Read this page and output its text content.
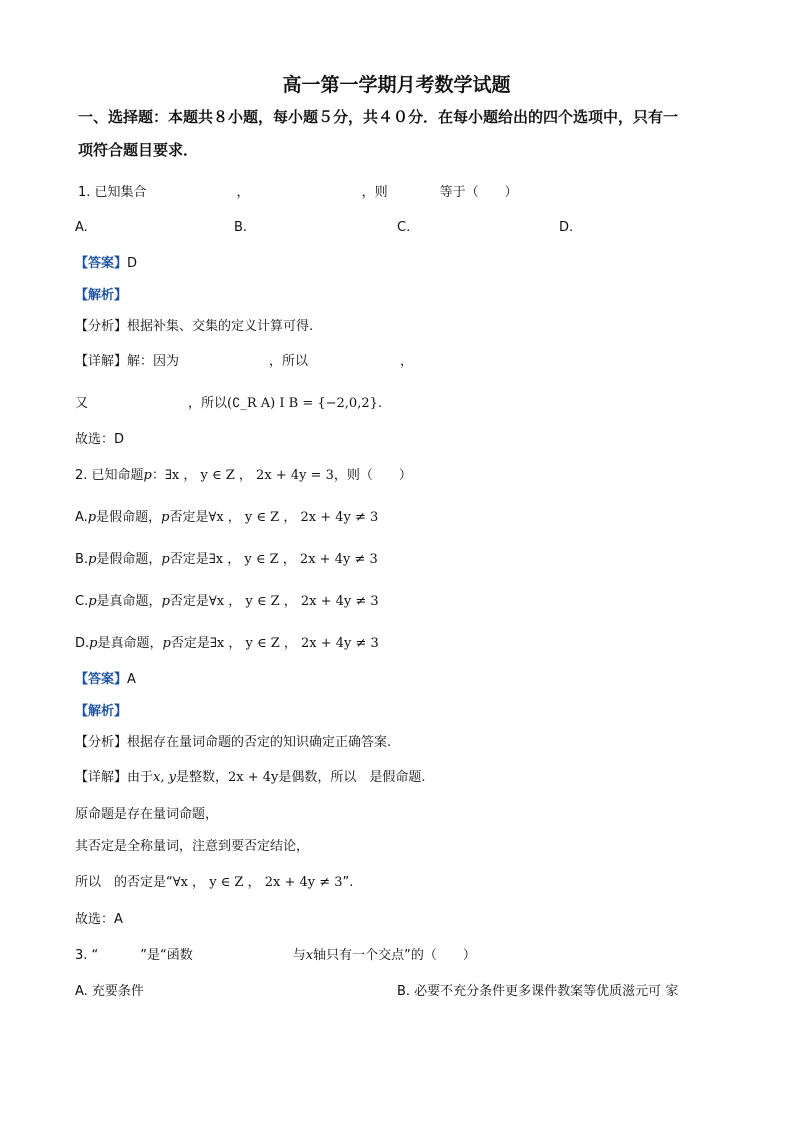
高一第一学期月考数学试题
一、选择题：本题共８小题，每小题５分，共４０分．在每小题给出的四个选项中，只有一
项符合题目要求．
1. 已知集合	，	，则	等于（　　）
A.	B.	C.	D.
【答案】D
【解析】
【分析】根据补集、交集的定义计算可得.
【详解】解：因为	，所以	，
又	，所以(∁_R A) I B = {−2,0,2}.
故选：D
2. 已知命题p：∃x ， y ∈ Z ， 2x + 4y = 3，则（　　）
A.p是假命题，p否定是∀x ， y ∈ Z ， 2x + 4y ≠ 3
B.p是假命题，p否定是∃x ， y ∈ Z ， 2x + 4y ≠ 3
C.p是真命题，p否定是∀x ， y ∈ Z ， 2x + 4y ≠ 3
D.p是真命题，p否定是∃x ， y ∈ Z ， 2x + 4y ≠ 3
【答案】A
【解析】
【分析】根据存在量词命题的否定的知识确定正确答案.
【详解】由于x, y是整数，2x + 4y是偶数，所以　是假命题.
原命题是存在量词命题，
其否定是全称量词，注意到要否定结论，
所以　的否定是“∀x ， y ∈ Z ， 2x + 4y ≠ 3”.
故选：A
3. “	”是“函数	与x轴只有一个交点”的（　　）
A. 充要条件	B. 必要不充分条件更多课件教案等优质滋元可 家
